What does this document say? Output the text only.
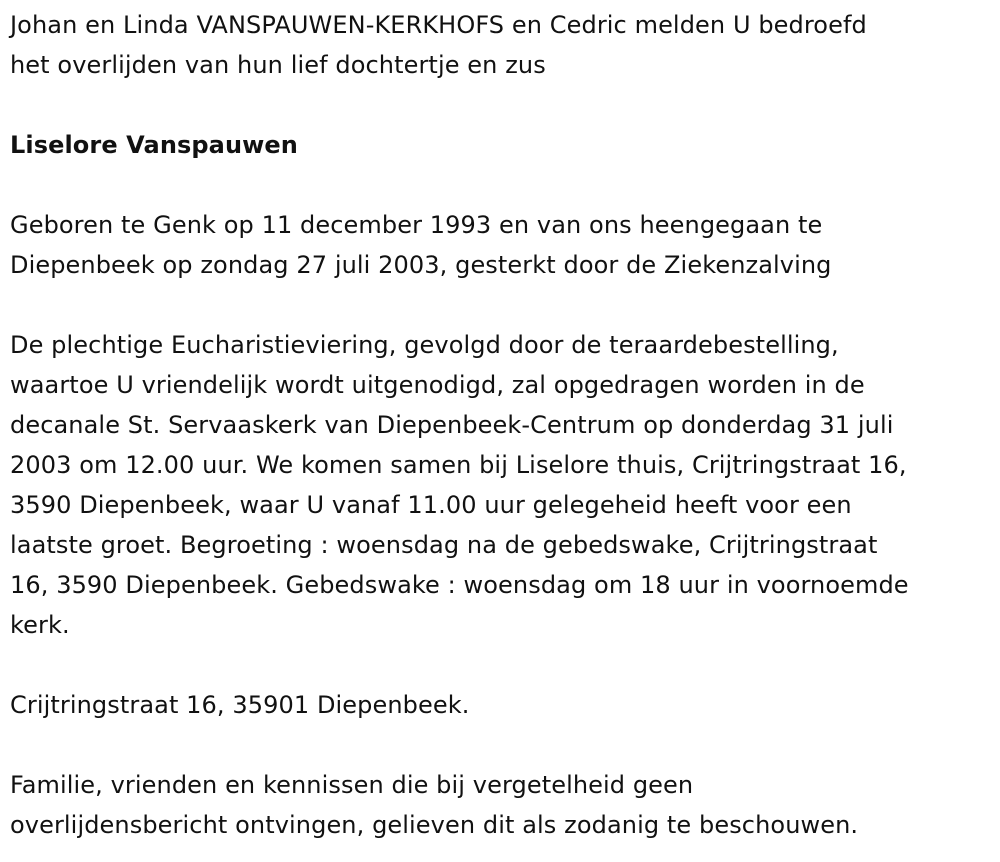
Johan en Linda VANSPAUWEN-KERKHOFS en Cedric melden U bedroefd
het overlijden van hun lief dochtertje en zus
Liselore Vanspauwen
Geboren te Genk op 11 december 1993 en van ons heengegaan te
Diepenbeek op zondag 27 juli 2003, gesterkt door de Ziekenzalving
De plechtige Eucharistieviering, gevolgd door de teraardebestelling,
waartoe U vriendelijk wordt uitgenodigd, zal opgedragen worden in de
decanale St. Servaaskerk van Diepenbeek-Centrum op donderdag 31 juli
2003 om 12.00 uur. We komen samen bij Liselore thuis, Crijtringstraat 16,
3590 Diepenbeek, waar U vanaf 11.00 uur gelegeheid heeft voor een
laatste groet. Begroeting : woensdag na de gebedswake, Crijtringstraat
16, 3590 Diepenbeek. Gebedswake : woensdag om 18 uur in voornoemde
kerk.
Crijtringstraat 16, 35901 Diepenbeek.
Familie, vrienden en kennissen die bij vergetelheid geen
overlijdensbericht ontvingen, gelieven dit als zodanig te beschouwen.
